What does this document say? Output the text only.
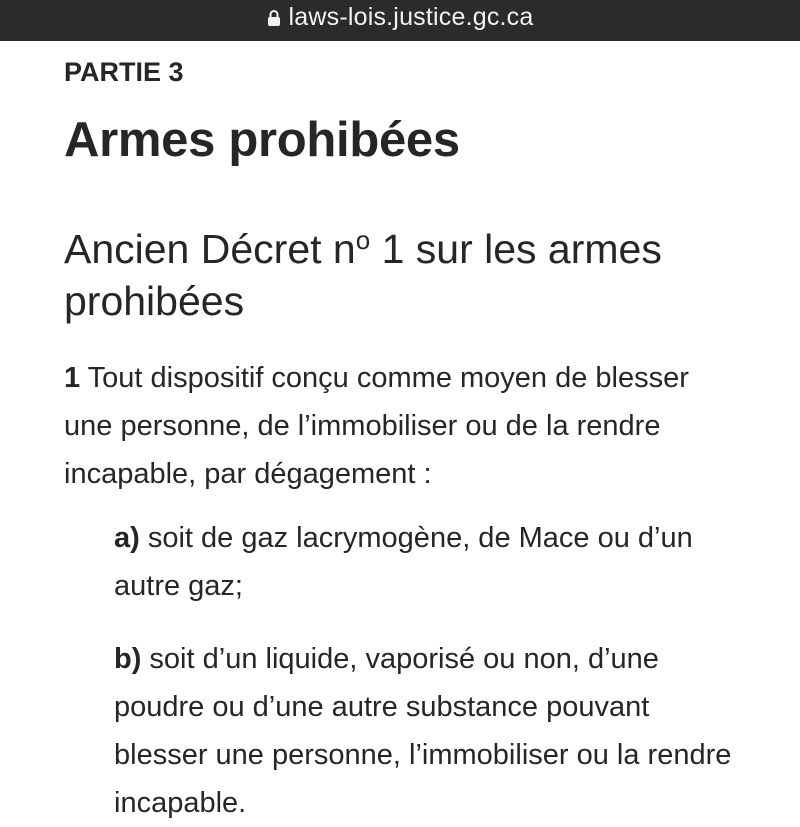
laws-lois.justice.gc.ca
PARTIE 3
Armes prohibées
Ancien Décret $n^o$ 1 sur les armes prohibées

1 Tout dispositif conçu comme moyen de blesser une personne, de l’immobiliser ou de la rendre incapable, par dégagement :

a) soit de gaz lacrymogène, de Mace ou d’un autre gaz;

b) soit d’un liquide, vaporisé ou non, d’une poudre ou d’une autre substance pouvant blesser une personne, l’immobiliser ou la rendre incapable.
